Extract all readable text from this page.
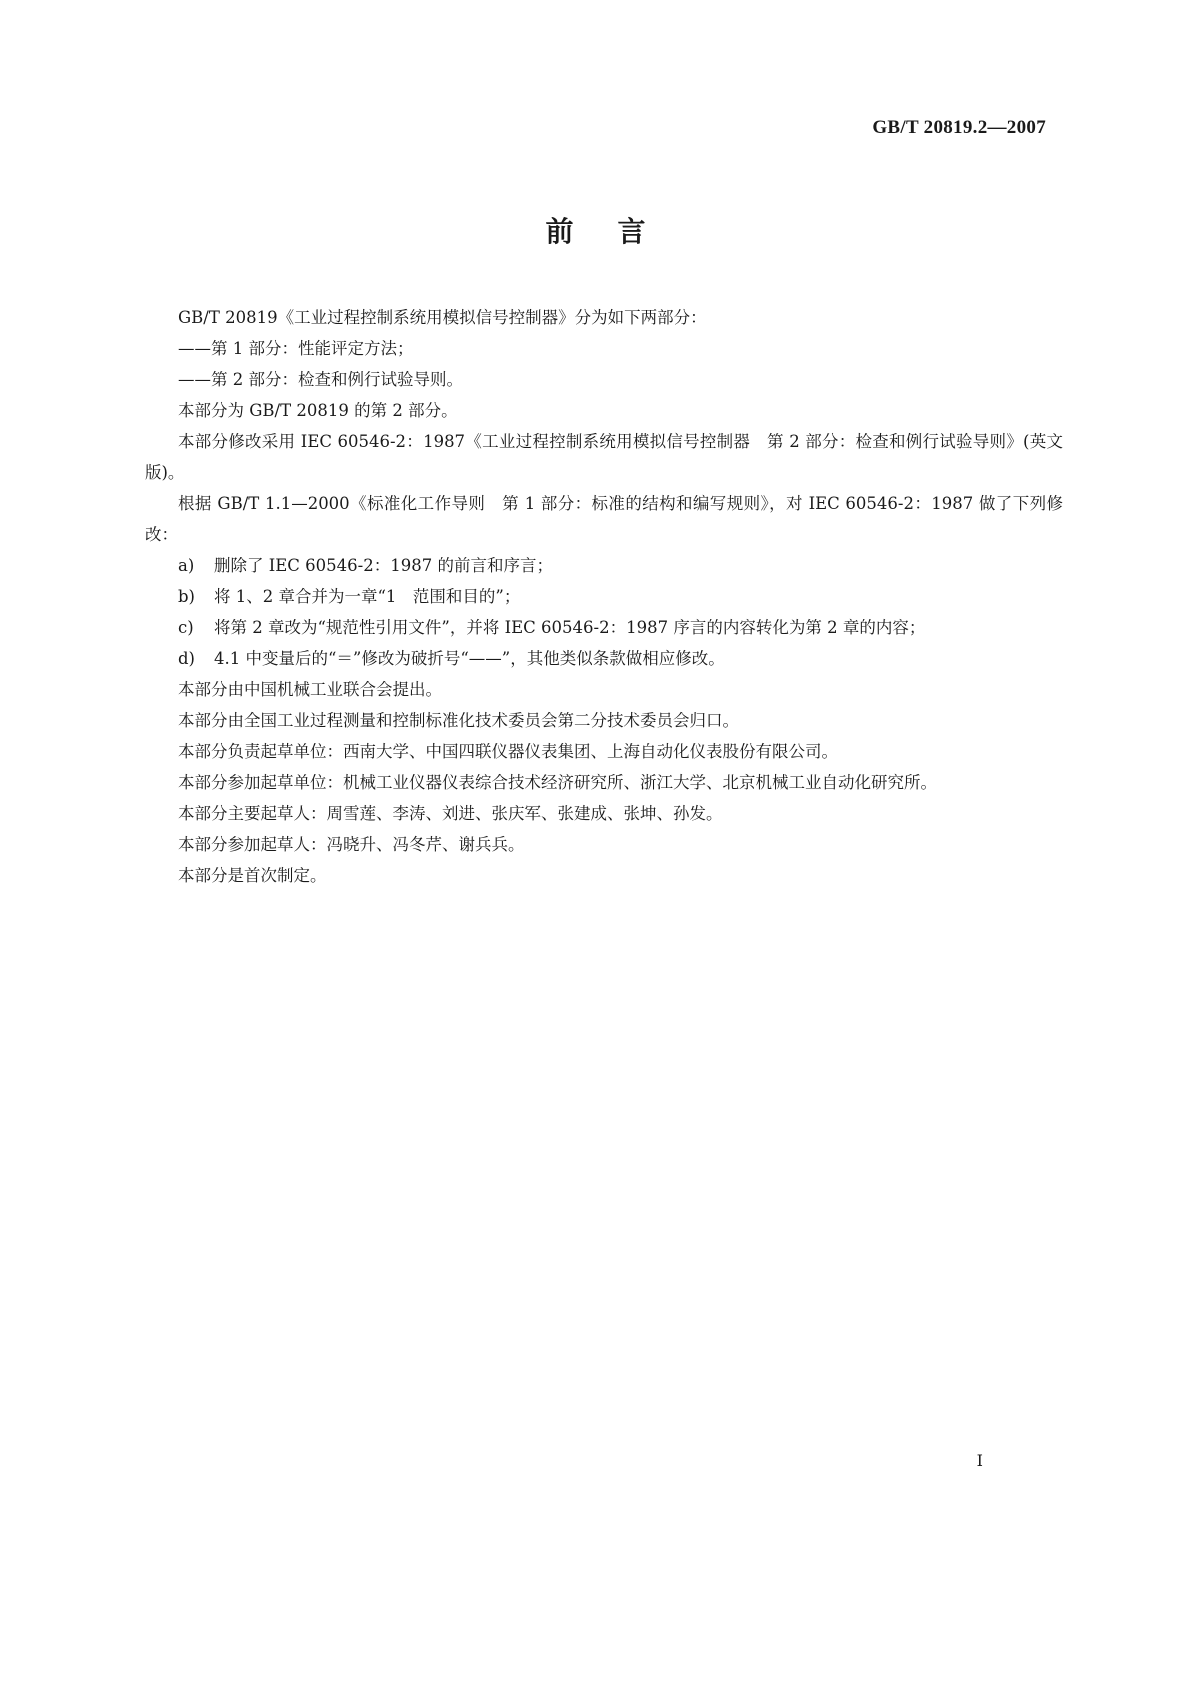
GB/T 20819.2—2007
前言

GB/T 20819《工业过程控制系统用模拟信号控制器》分为如下两部分：

——第 1 部分：性能评定方法；

——第 2 部分：检查和例行试验导则。

本部分为 GB/T 20819 的第 2 部分。

本部分修改采用 IEC 60546-2：1987《工业过程控制系统用模拟信号控制器　第 2 部分：检查和例行试验导则》(英文版)。

根据 GB/T 1.1—2000《标准化工作导则　第 1 部分：标准的结构和编写规则》，对 IEC 60546-2：1987 做了下列修改：

a) 删除了 IEC 60546-2：1987 的前言和序言；

b) 将 1、2 章合并为一章“1　范围和目的”；

c) 将第 2 章改为“规范性引用文件”，并将 IEC 60546-2：1987 序言的内容转化为第 2 章的内容；

d) 4.1 中变量后的“＝”修改为破折号“——”，其他类似条款做相应修改。

本部分由中国机械工业联合会提出。

本部分由全国工业过程测量和控制标准化技术委员会第二分技术委员会归口。

本部分负责起草单位：西南大学、中国四联仪器仪表集团、上海自动化仪表股份有限公司。

本部分参加起草单位：机械工业仪器仪表综合技术经济研究所、浙江大学、北京机械工业自动化研究所。

本部分主要起草人：周雪莲、李涛、刘进、张庆军、张建成、张坤、孙发。

本部分参加起草人：冯晓升、冯冬芹、谢兵兵。

本部分是首次制定。

I
